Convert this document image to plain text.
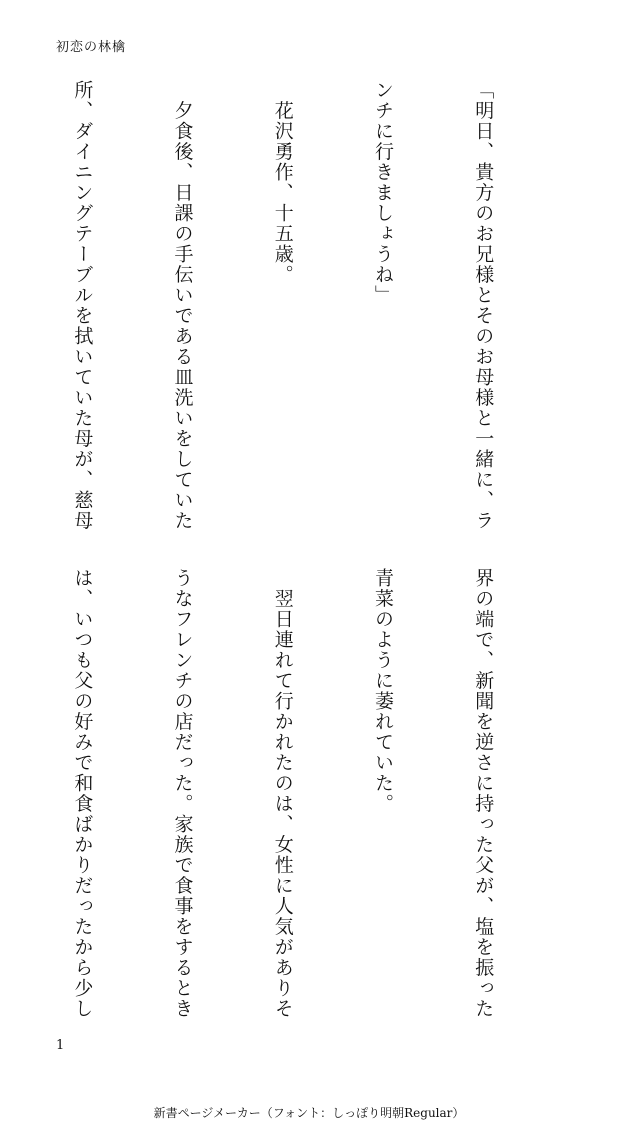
初恋の林檎

「明日、貴方のお兄様とそのお母様と一緒に、ラ

ンチに行きましょうね」

　花沢勇作、十五歳。

　夕食後、日課の手伝いである皿洗いをしていた

所、ダイニングテーブルを拭いていた母が、慈母

界の端で、新聞を逆さに持った父が、塩を振った

青菜のように萎れていた。

　翌日連れて行かれたのは、女性に人気がありそ

うなフレンチの店だった。家族で食事をするとき

は、いつも父の好みで和食ばかりだったから少し

1
新書ページメーカー（フォント：しっぽり明朝Regular）
